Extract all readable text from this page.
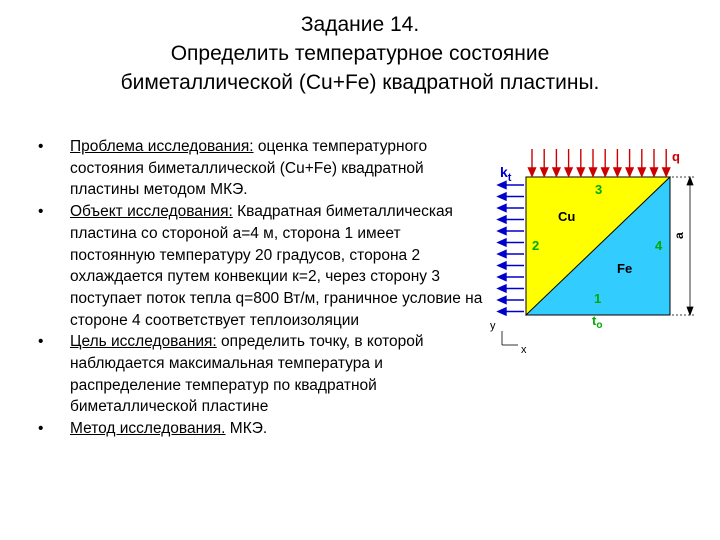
Задание 14.
Определить температурное состояние
биметаллической (Cu+Fe) квадратной пластины.
• Проблема исследования: оценка температурного состояния биметаллической (Cu+Fe) квадратной пластины методом МКЭ.
• Объект исследования: Квадратная биметаллическая пластина со стороной а=4 м, сторона 1 имеет постоянную температуру 20 градусов, сторона 2 охлаждается путем конвекции к=2, через сторону 3 поступает поток тепла q=800 Вт/м, граничное условие на стороне 4 соответствует теплоизоляции
• Цель исследования: определить точку, в которой наблюдается максимальная температура и распределение температур по квадратной биметаллической пластине
• Метод исследования. МКЭ.
a
y
x
$k_t$
q
3
2	4
1
Cu
Fe
$t_o$
